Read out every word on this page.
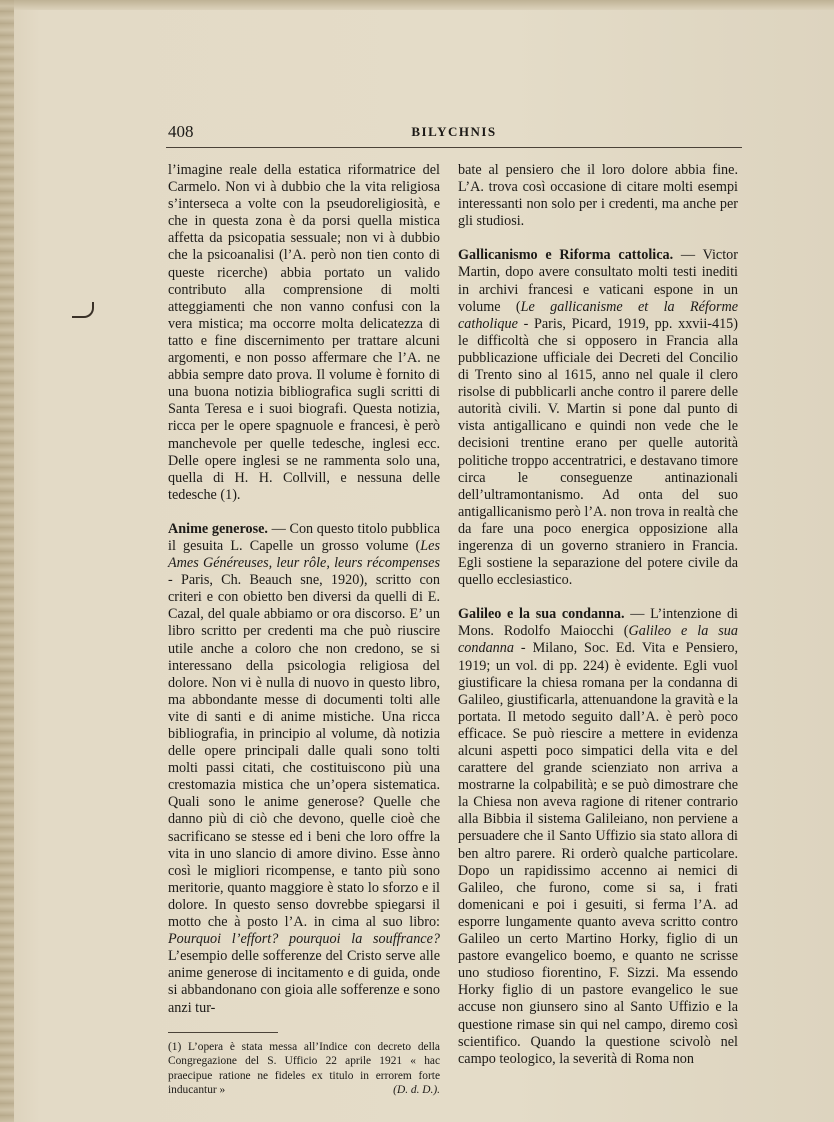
408	BILYCHNIS

l’imagine reale della estatica riformatrice del Carmelo. Non vi à dubbio che la vita religiosa s’interseca a volte con la pseudoreligiosità, e che in questa zona è da porsi quella mistica affetta da psicopatia sessuale; non vi à dubbio che la psicoanalisi (l’A. però non tien conto di queste ricerche) abbia portato un valido contributo alla comprensione di molti atteggiamenti che non vanno confusi con la vera mistica; ma occorre molta delicatezza di tatto e fine discernimento per trattare alcuni argomenti, e non posso affermare che l’A. ne abbia sempre dato prova. Il volume è fornito di una buona notizia bibliografica sugli scritti di Santa Teresa e i suoi biografi. Questa notizia, ricca per le opere spagnuole e francesi, è però manchevole per quelle tedesche, inglesi ecc. Delle opere inglesi se ne rammenta solo una, quella di H. H. Collvill, e nessuna delle tedesche (1).

Anime generose. — Con questo titolo pubblica il gesuita L. Capelle un grosso volume (Les Ames Généreuses, leur rôle, leurs récompenses - Paris, Ch. Beauch sne, 1920), scritto con criteri e con obietto ben diversi da quelli di E. Cazal, del quale abbiamo or ora discorso. E’ un libro scritto per credenti ma che può riuscire utile anche a coloro che non credono, se si interessano della psicologia religiosa del dolore. Non vi è nulla di nuovo in questo libro, ma abbondante messe di documenti tolti alle vite di santi e di anime mistiche. Una ricca bibliografia, in principio al volume, dà notizia delle opere principali dalle quali sono tolti molti passi citati, che costituiscono più una crestomazia mistica che un’opera sistematica. Quali sono le anime generose? Quelle che danno più di ciò che devono, quelle cioè che sacrificano se stesse ed i beni che loro offre la vita in uno slancio di amore divino. Esse ànno così le migliori ricompense, e tanto più sono meritorie, quanto maggiore è stato lo sforzo e il dolore. In questo senso dovrebbe spiegarsi il motto che à posto l’A. in cima al suo libro: Pourquoi l’effort? pourquoi la souffrance? L’esempio delle sofferenze del Cristo serve alle anime generose di incitamento e di guida, onde si abbandonano con gioia alle sofferenze e sono anzi tur-

(1) L’opera è stata messa all’Indice con decreto della Congregazione del S. Ufficio 22 aprile 1921 « hac praecipue ratione ne fideles ex titulo in errorem forte inducantur »	(D. d. D.).

bate al pensiero che il loro dolore abbia fine. L’A. trova così occasione di citare molti esempi interessanti non solo per i credenti, ma anche per gli studiosi.

Gallicanismo e Riforma cattolica. — Victor Martin, dopo avere consultato molti testi inediti in archivi francesi e vaticani espone in un volume (Le gallicanisme et la Réforme catholique - Paris, Picard, 1919, pp. xxvii-415) le difficoltà che si opposero in Francia alla pubblicazione ufficiale dei Decreti del Concilio di Trento sino al 1615, anno nel quale il clero risolse di pubblicarli anche contro il parere delle autorità civili. V. Martin si pone dal punto di vista antigallicano e quindi non vede che le decisioni trentine erano per quelle autorità politiche troppo accentratrici, e destavano timore circa le conseguenze antinazionali dell’ultramontanismo. Ad onta del suo antigallicanismo però l’A. non trova in realtà che da fare una poco energica opposizione alla ingerenza di un governo straniero in Francia. Egli sostiene la separazione del potere civile da quello ecclesiastico.

Galileo e la sua condanna. — L’intenzione di Mons. Rodolfo Maiocchi (Galileo e la sua condanna - Milano, Soc. Ed. Vita e Pensiero, 1919; un vol. di pp. 224) è evidente. Egli vuol giustificare la chiesa romana per la condanna di Galileo, giustificarla, attenuandone la gravità e la portata. Il metodo seguito dall’A. è però poco efficace. Se può riescire a mettere in evidenza alcuni aspetti poco simpatici della vita e del carattere del grande scienziato non arriva a mostrarne la colpabilità; e se può dimostrare che la Chiesa non aveva ragione di ritener contrario alla Bibbia il sistema Galileiano, non perviene a persuadere che il Santo Uffizio sia stato allora di ben altro parere. Ri orderò qualche particolare. Dopo un rapidissimo accenno ai nemici di Galileo, che furono, come si sa, i frati domenicani e poi i gesuiti, si ferma l’A. ad esporre lungamente quanto aveva scritto contro Galileo un certo Martino Horky, figlio di un pastore evangelico boemo, e quanto ne scrisse uno studioso fiorentino, F. Sizzi. Ma essendo Horky figlio di un pastore evangelico le sue accuse non giunsero sino al Santo Uffizio e la questione rimase sin qui nel campo, diremo così scientifico. Quando la questione scivolò nel campo teologico, la severità di Roma non
